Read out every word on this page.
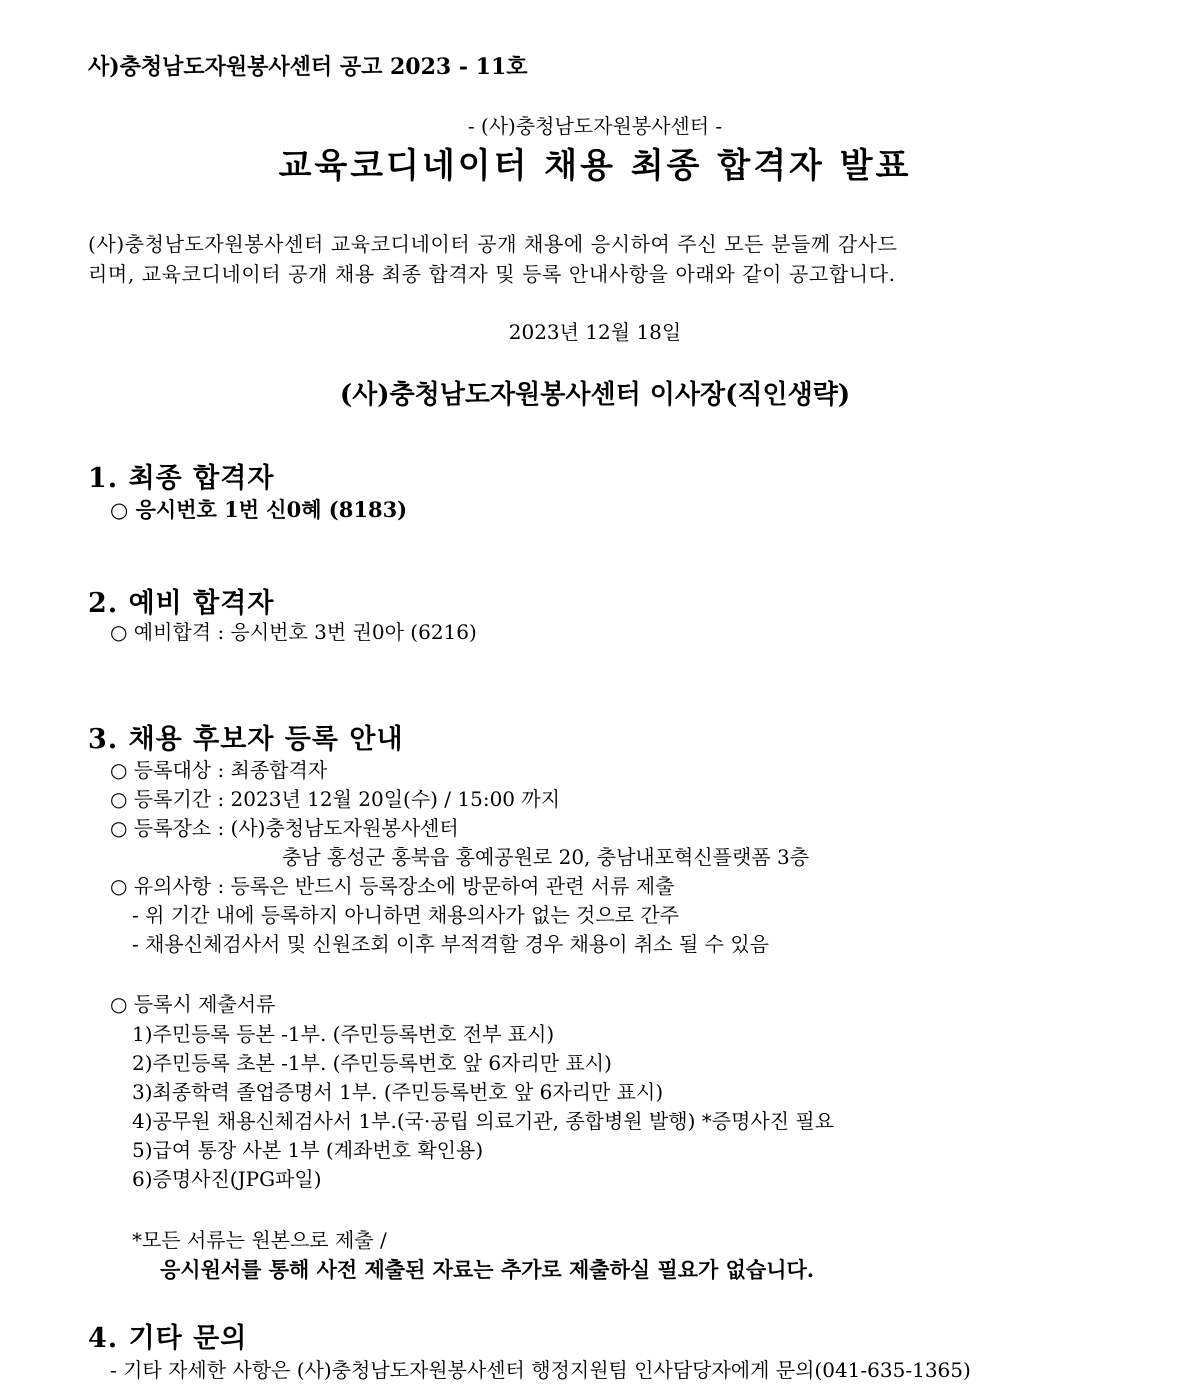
사)충청남도자원봉사센터 공고 2023 - 11호
- (사)충청남도자원봉사센터 -
교육코디네이터 채용 최종 합격자 발표
(사)충청남도자원봉사센터 교육코디네이터 공개 채용에 응시하여 주신 모든 분들께 감사드
리며, 교육코디네이터 공개 채용 최종 합격자 및 등록 안내사항을 아래와 같이 공고합니다.
2023년 12월 18일
(사)충청남도자원봉사센터 이사장(직인생략)
1. 최종 합격자
○ 응시번호 1번 신0혜 (8183)
2. 예비 합격자
○ 예비합격 : 응시번호 3번 권0아 (6216)
3. 채용 후보자 등록 안내
○ 등록대상 : 최종합격자
○ 등록기간 : 2023년 12월 20일(수) / 15:00 까지
○ 등록장소 : (사)충청남도자원봉사센터
충남 홍성군 홍북읍 홍예공원로 20, 충남내포혁신플랫폼 3층
○ 유의사항 : 등록은 반드시 등록장소에 방문하여 관련 서류 제출
- 위 기간 내에 등록하지 아니하면 채용의사가 없는 것으로 간주
- 채용신체검사서 및 신원조회 이후 부적격할 경우 채용이 취소 될 수 있음
○ 등록시 제출서류
1)주민등록 등본 -1부. (주민등록번호 전부 표시)
2)주민등록 초본 -1부. (주민등록번호 앞 6자리만 표시)
3)최종학력 졸업증명서 1부. (주민등록번호 앞 6자리만 표시)
4)공무원 채용신체검사서 1부.(국·공립 의료기관, 종합병원 발행) *증명사진 필요
5)급여 통장 사본 1부 (계좌번호 확인용)
6)증명사진(JPG파일)
*모든 서류는 원본으로 제출 /
응시원서를 통해 사전 제출된 자료는 추가로 제출하실 필요가 없습니다.
4. 기타 문의
- 기타 자세한 사항은 (사)충청남도자원봉사센터 행정지원팀 인사담당자에게 문의(041-635-1365)
